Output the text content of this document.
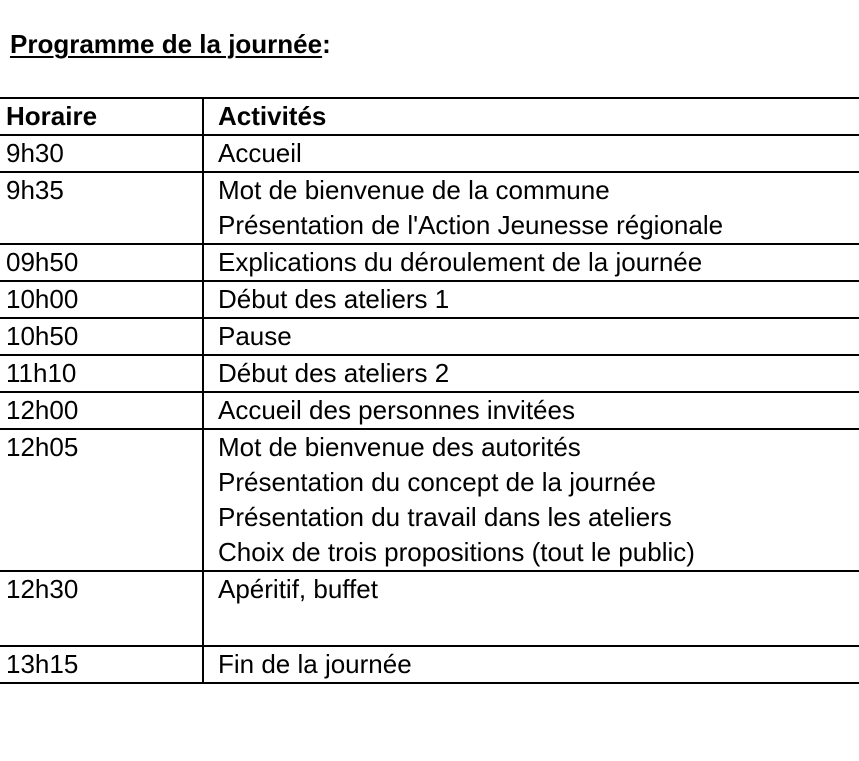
Programme de la journée:
Horaire	Activités
9h30	Accueil

9h35	Mot de bienvenue de la commune
Présentation de l'Action Jeunesse régionale

09h50	Explications du déroulement de la journée

10h00	Début des ateliers 1

10h50	Pause

11h10	Début des ateliers 2

12h00	Accueil des personnes invitées

12h05	Mot de bienvenue des autorités
Présentation du concept de la journée
Présentation du travail dans les ateliers
Choix de trois propositions (tout le public)

12h30	Apéritif, buffet

13h15	Fin de la journée
